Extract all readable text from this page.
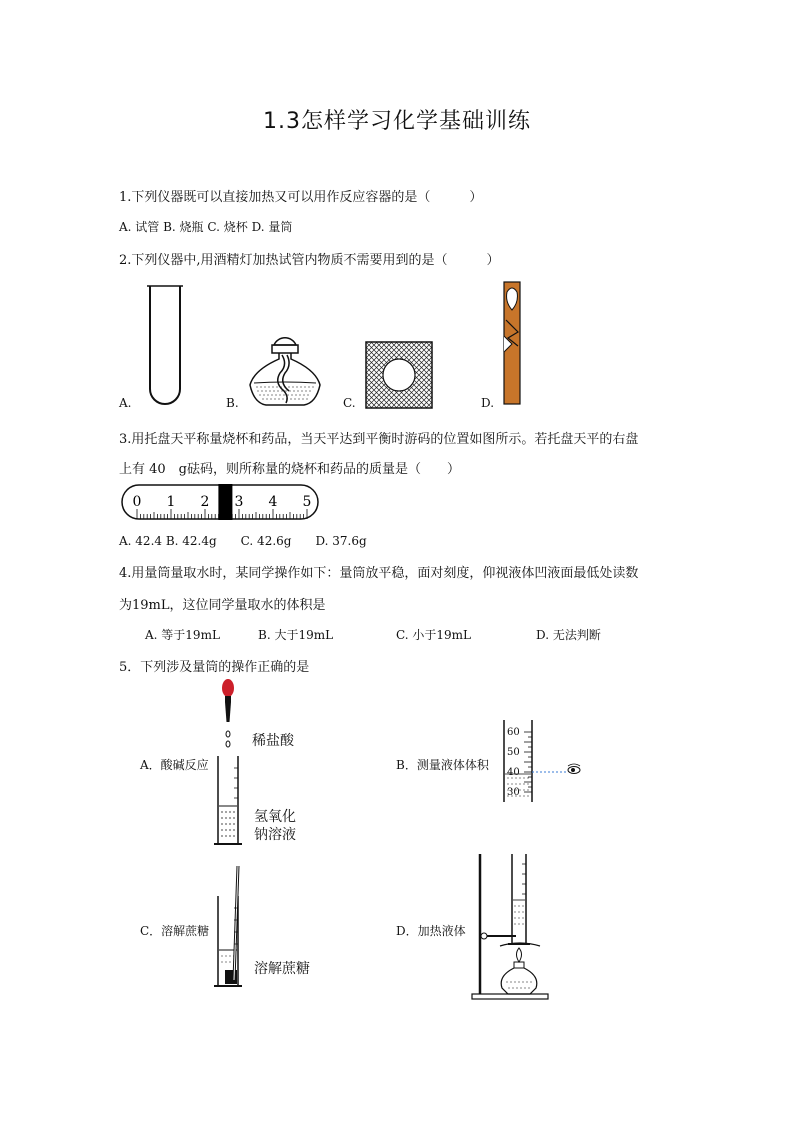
1.3怎样学习化学基础训练
1.下列仪器既可以直接加热又可以用作反应容器的是（　　　）
A. 试管 B. 烧瓶 C. 烧杯 D. 量筒
2.下列仪器中,用酒精灯加热试管内物质不需要用到的是（　　　）
A.	B.	C.	D.
3.用托盘天平称量烧杯和药品，当天平达到平衡时游码的位置如图所示。若托盘天平的右盘
上有 40　g砝码，则所称量的烧杯和药品的质量是（　　）
0 1 2 3 4 5
A. 42.4 B. 42.4g　　C. 42.6g　　D. 37.6g
4.用量筒量取水时，某同学操作如下：量筒放平稳，面对刻度，仰视液体凹液面最低处读数
为19mL，这位同学量取水的体积是
A. 等于19mL	B. 大于19mL	C. 小于19mL	D. 无法判断
5．下列涉及量筒的操作正确的是
A．酸碱反应
稀盐酸
氢氧化
钠溶液
B．测量液体体积
60
50
40
30
C．溶解蔗糖
溶解蔗糖
D．加热液体
